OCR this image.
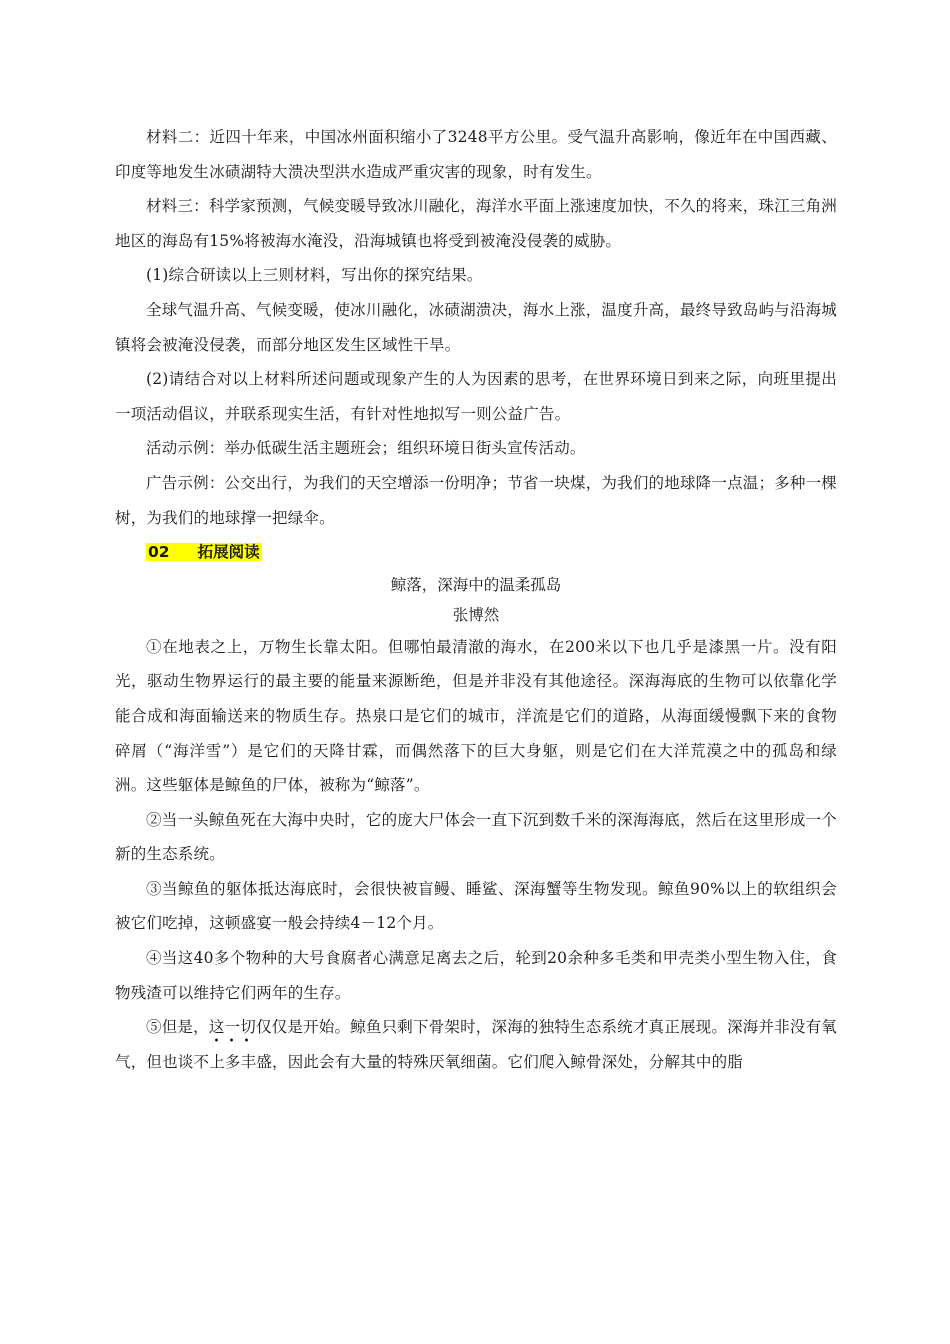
材料二：近四十年来，中国冰州面积缩小了3248平方公里。受气温升高影响，像近年在中国西藏、印度等地发生冰碛湖特大溃决型洪水造成严重灾害的现象，时有发生。

材料三：科学家预测，气候变暖导致冰川融化，海洋水平面上涨速度加快，不久的将来，珠江三角洲地区的海岛有15%将被海水淹没，沿海城镇也将受到被淹没侵袭的威胁。

(1)综合研读以上三则材料，写出你的探究结果。

全球气温升高、气候变暖，使冰川融化，冰碛湖溃决，海水上涨，温度升高，最终导致岛屿与沿海城镇将会被淹没侵袭，而部分地区发生区域性干旱。

(2)请结合对以上材料所述问题或现象产生的人为因素的思考，在世界环境日到来之际，向班里提出一项活动倡议，并联系现实生活，有针对性地拟写一则公益广告。

活动示例：举办低碳生活主题班会；组织环境日街头宣传活动。

广告示例：公交出行，为我们的天空增添一份明净；节省一块煤，为我们的地球降一点温；多种一棵树，为我们的地球撑一把绿伞。

02 拓展阅读
鲸落，深海中的温柔孤岛
张博然

①在地表之上，万物生长靠太阳。但哪怕最清澈的海水，在200米以下也几乎是漆黑一片。没有阳光，驱动生物界运行的最主要的能量来源断绝，但是并非没有其他途径。深海海底的生物可以依靠化学能合成和海面输送来的物质生存。热泉口是它们的城市，洋流是它们的道路，从海面缓慢飘下来的食物碎屑（“海洋雪”）是它们的天降甘霖，而偶然落下的巨大身躯，则是它们在大洋荒漠之中的孤岛和绿洲。这些躯体是鲸鱼的尸体，被称为“鲸落”。

②当一头鲸鱼死在大海中央时，它的庞大尸体会一直下沉到数千米的深海海底，然后在这里形成一个新的生态系统。

③当鲸鱼的躯体抵达海底时，会很快被盲鳗、睡鲨、深海蟹等生物发现。鲸鱼90%以上的软组织会被它们吃掉，这顿盛宴一般会持续4－12个月。

④当这40多个物种的大号食腐者心满意足离去之后，轮到20余种多毛类和甲壳类小型生物入住，食物残渣可以维持它们两年的生存。

⑤但是，这一切仅仅是开始。鲸鱼只剩下骨架时，深海的独特生态系统才真正展现。深海并非没有氧气，但也谈不上多丰盛，因此会有大量的特殊厌氧细菌。它们爬入鲸骨深处，分解其中的脂
